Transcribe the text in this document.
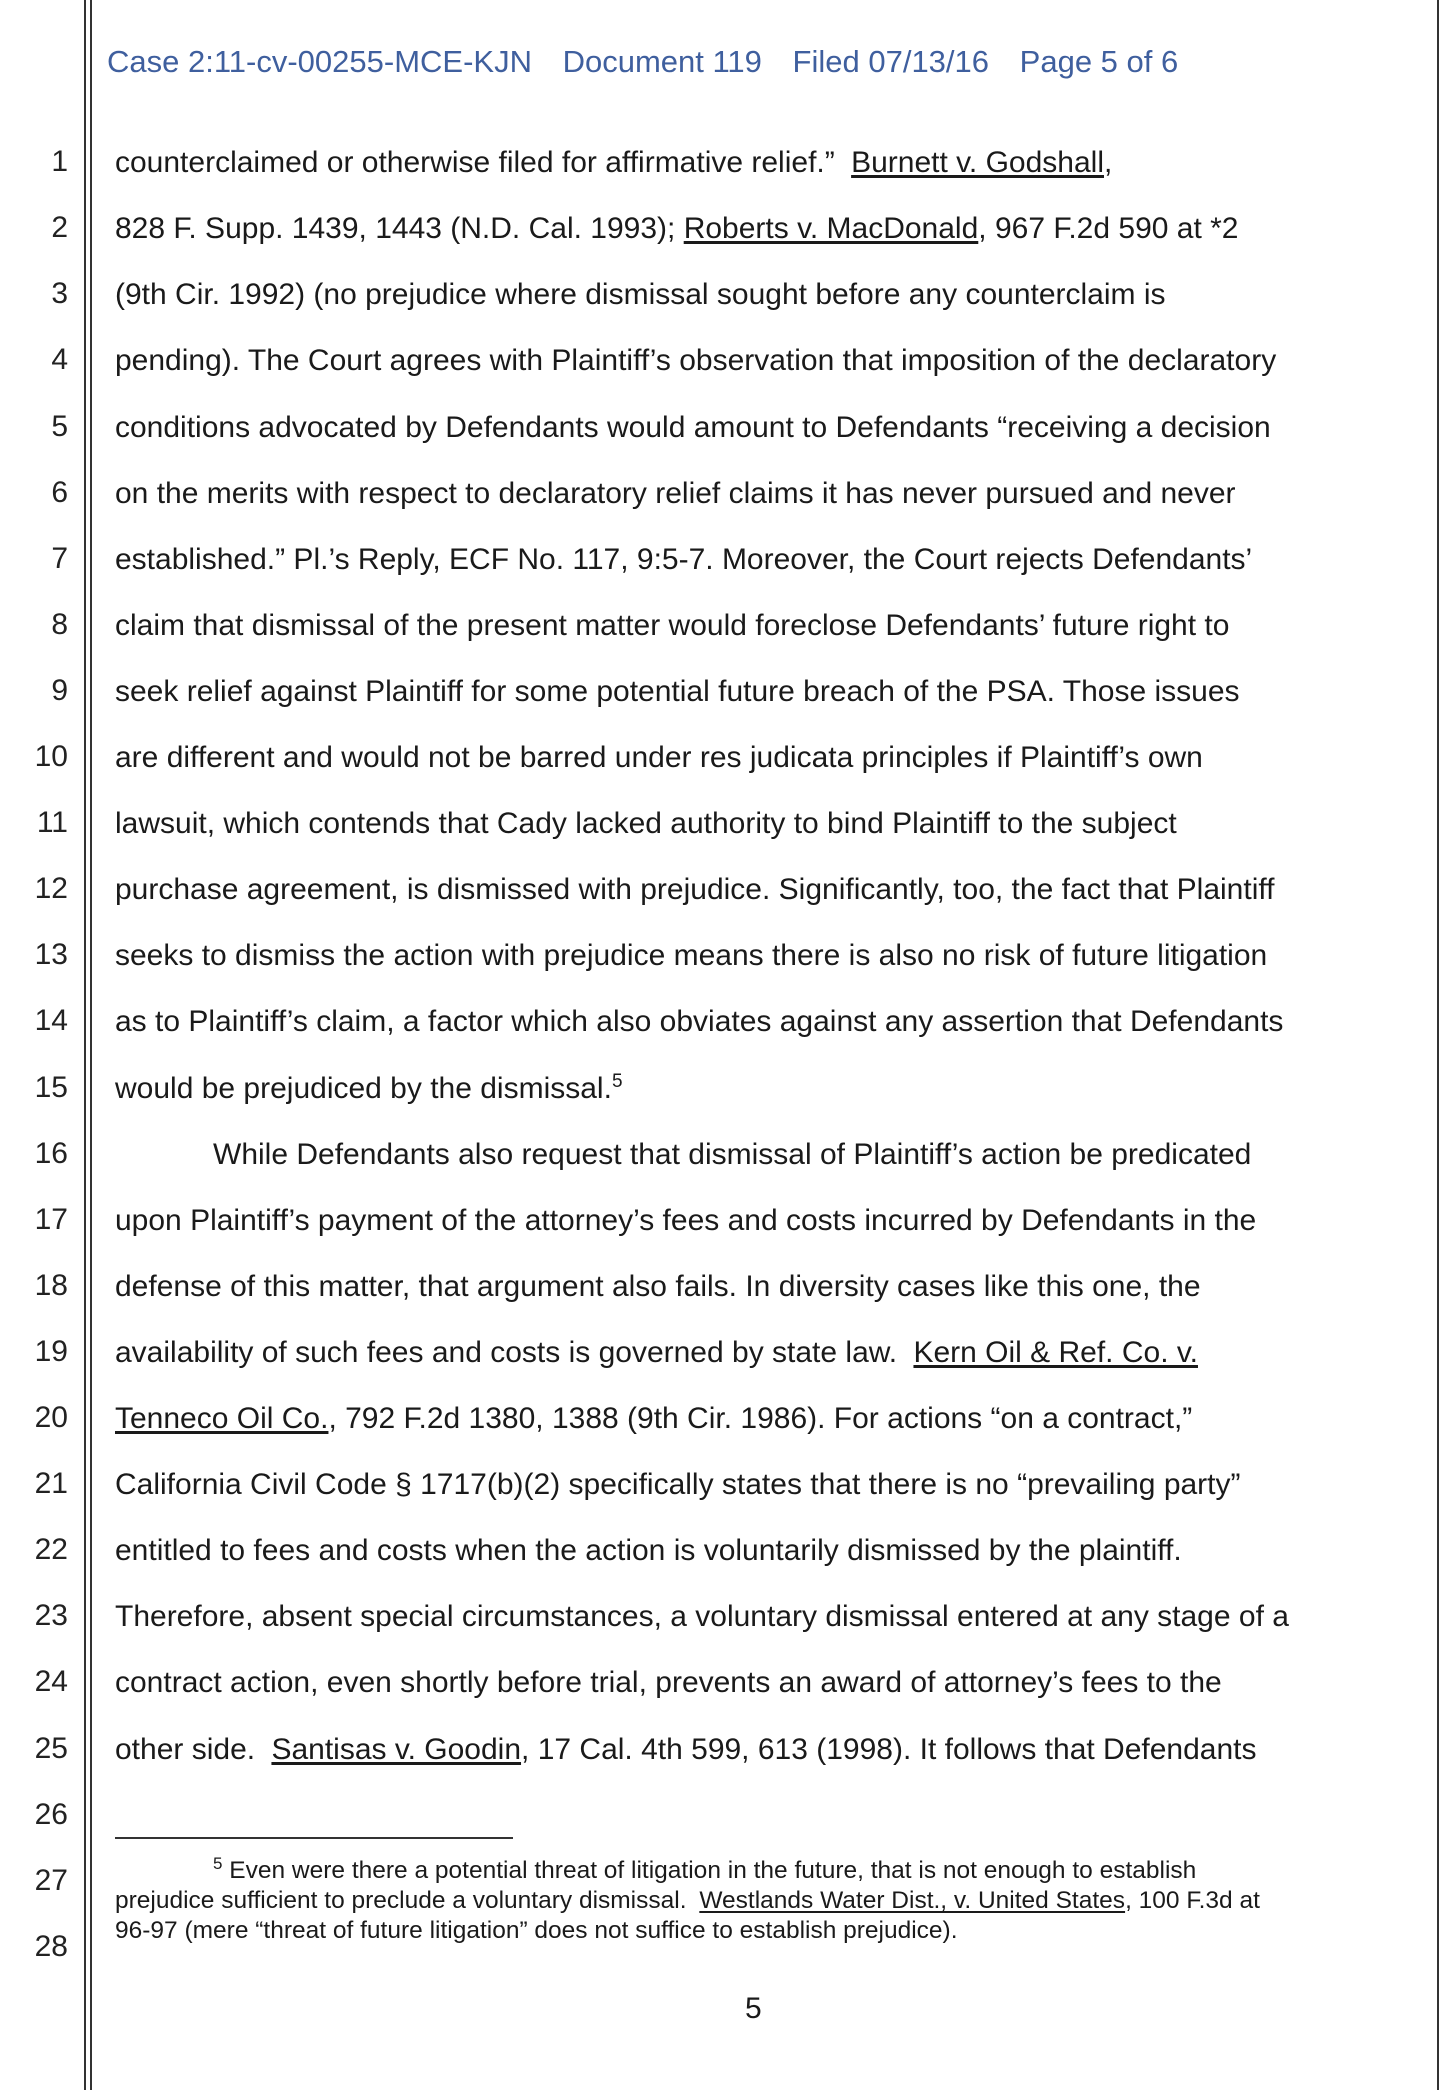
Case 2:11-cv-00255-MCE-KJN Document 119 Filed 07/13/16 Page 5 of 6
1
2
3
4
5
6
7
8
9
10
11
12
13
14
15
16
17
18
19
20
21
22
23
24
25
26
27
28
counterclaimed or otherwise filed for affirmative relief.” Burnett v. Godshall,
828 F. Supp. 1439, 1443 (N.D. Cal. 1993); Roberts v. MacDonald, 967 F.2d 590 at *2
(9th Cir. 1992) (no prejudice where dismissal sought before any counterclaim is
pending). The Court agrees with Plaintiff’s observation that imposition of the declaratory
conditions advocated by Defendants would amount to Defendants “receiving a decision
on the merits with respect to declaratory relief claims it has never pursued and never
established.” Pl.’s Reply, ECF No. 117, 9:5-7. Moreover, the Court rejects Defendants’
claim that dismissal of the present matter would foreclose Defendants’ future right to
seek relief against Plaintiff for some potential future breach of the PSA. Those issues
are different and would not be barred under res judicata principles if Plaintiff’s own
lawsuit, which contends that Cady lacked authority to bind Plaintiff to the subject
purchase agreement, is dismissed with prejudice. Significantly, too, the fact that Plaintiff
seeks to dismiss the action with prejudice means there is also no risk of future litigation
as to Plaintiff’s claim, a factor which also obviates against any assertion that Defendants
would be prejudiced by the dismissal.$^5$
While Defendants also request that dismissal of Plaintiff’s action be predicated
upon Plaintiff’s payment of the attorney’s fees and costs incurred by Defendants in the
defense of this matter, that argument also fails. In diversity cases like this one, the
availability of such fees and costs is governed by state law. Kern Oil & Ref. Co. v.
Tenneco Oil Co., 792 F.2d 1380, 1388 (9th Cir. 1986). For actions “on a contract,”
California Civil Code § 1717(b)(2) specifically states that there is no “prevailing party”
entitled to fees and costs when the action is voluntarily dismissed by the plaintiff.
Therefore, absent special circumstances, a voluntary dismissal entered at any stage of a
contract action, even shortly before trial, prevents an award of attorney’s fees to the
other side. Santisas v. Goodin, 17 Cal. 4th 599, 613 (1998). It follows that Defendants
$^5$ Even were there a potential threat of litigation in the future, that is not enough to establish
prejudice sufficient to preclude a voluntary dismissal. Westlands Water Dist., v. United States, 100 F.3d at
96-97 (mere “threat of future litigation” does not suffice to establish prejudice).
5
